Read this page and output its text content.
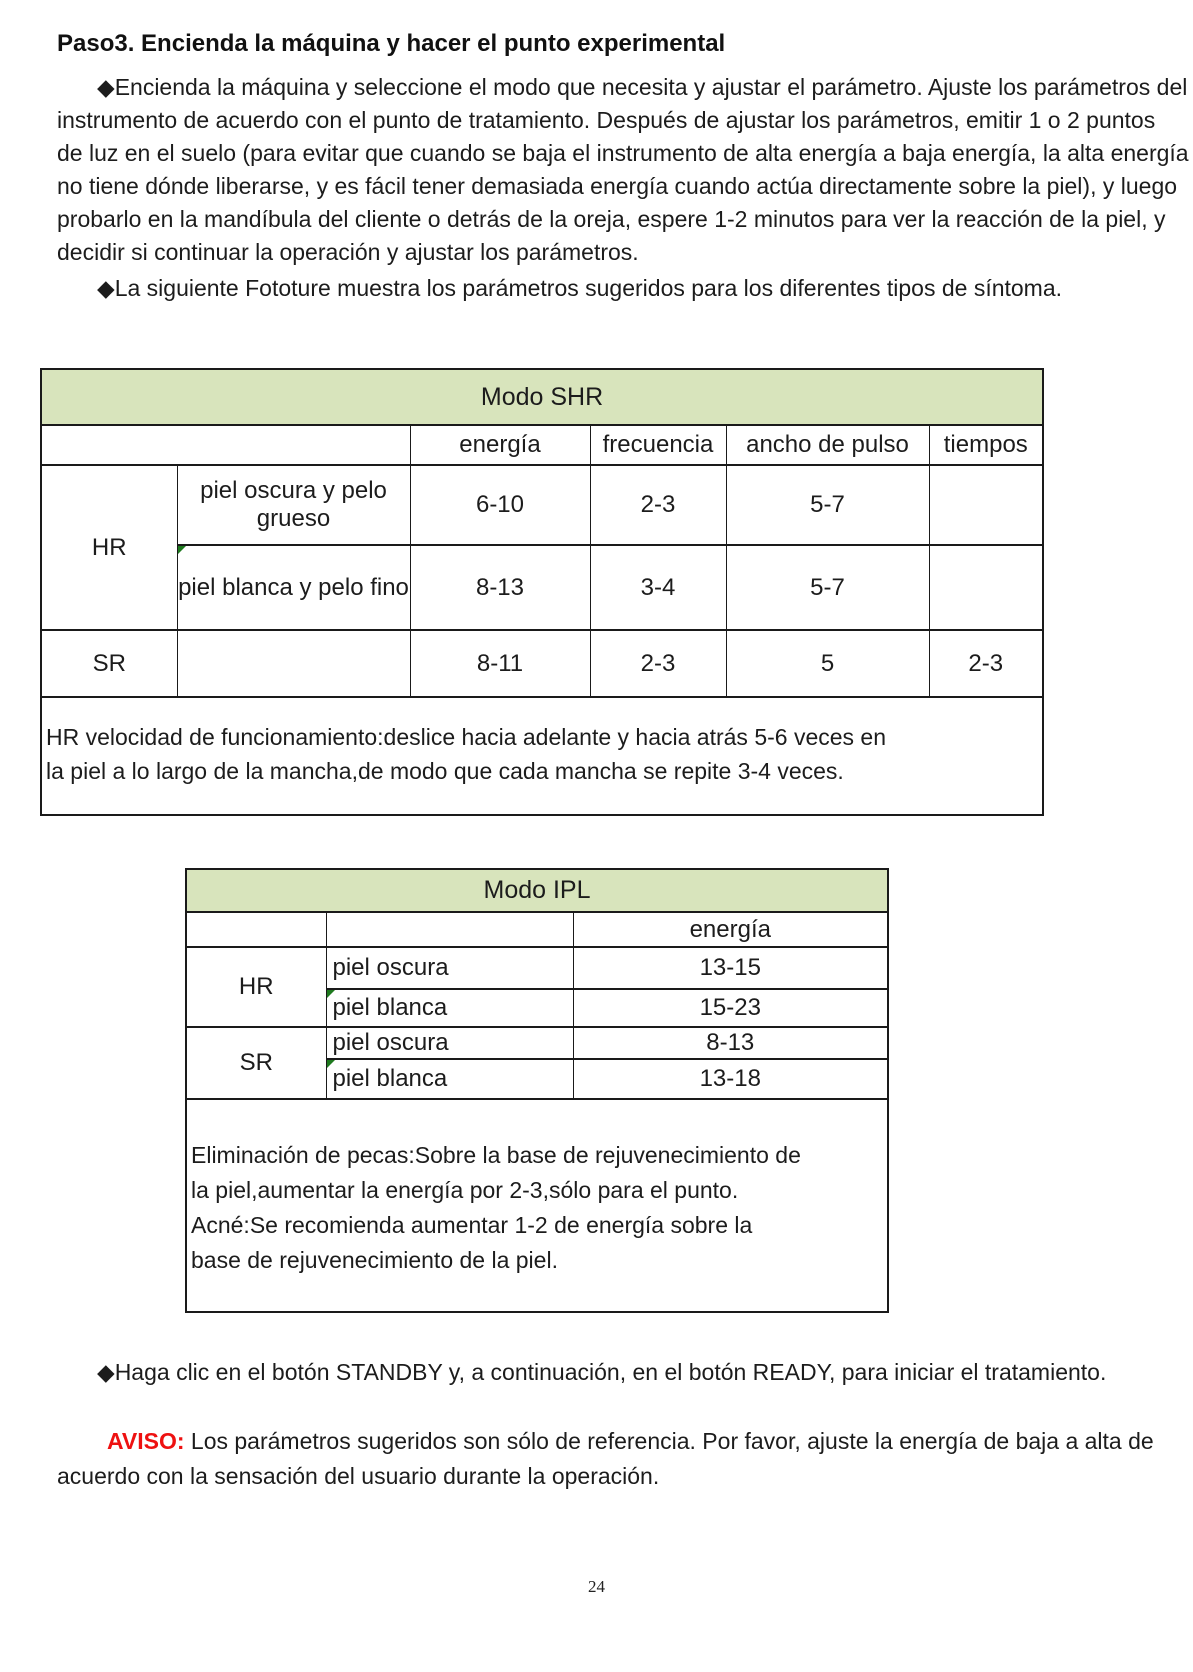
Paso3. Encienda la máquina y hacer el punto experimental
◆Encienda la máquina y seleccione el modo que necesita y ajustar el parámetro. Ajuste los parámetros del
instrumento de acuerdo con el punto de tratamiento. Después de ajustar los parámetros, emitir 1 o 2 puntos
de luz en el suelo (para evitar que cuando se baja el instrumento de alta energía a baja energía, la alta energía
no tiene dónde liberarse, y es fácil tener demasiada energía cuando actúa directamente sobre la piel), y luego
probarlo en la mandíbula del cliente o detrás de la oreja, espere 1-2 minutos para ver la reacción de la piel, y
decidir si continuar la operación y ajustar los parámetros.
◆La siguiente Fototure muestra los parámetros sugeridos para los diferentes tipos de síntoma.
Modo SHR					
		energía	frecuencia	ancho de pulso	tiempos
HR	piel oscura y pelo grueso	6-10	2-3	5-7	

piel blanca y pelo fino	8-13	3-4	5-7	
SR		8-11	2-3	5	2-3

HR velocidad de funcionamiento:deslice hacia adelante y hacia atrás 5-6 veces en
la piel a lo largo de la mancha,de modo que cada mancha se repite 3-4 veces.					
Modo IPL		
		energía
HR	piel oscura	13-15

piel blanca	15-23
SR	piel oscura	8-13

piel blanca	13-18

Eliminación de pecas:Sobre la base de rejuvenecimiento de
la piel,aumentar la energía por 2-3,sólo para el punto.
Acné:Se recomienda aumentar 1-2 de energía sobre la
base de rejuvenecimiento de la piel.		
◆Haga clic en el botón STANDBY y, a continuación, en el botón READY, para iniciar el tratamiento.
AVISO: Los parámetros sugeridos son sólo de referencia. Por favor, ajuste la energía de baja a alta de
acuerdo con la sensación del usuario durante la operación.
24
